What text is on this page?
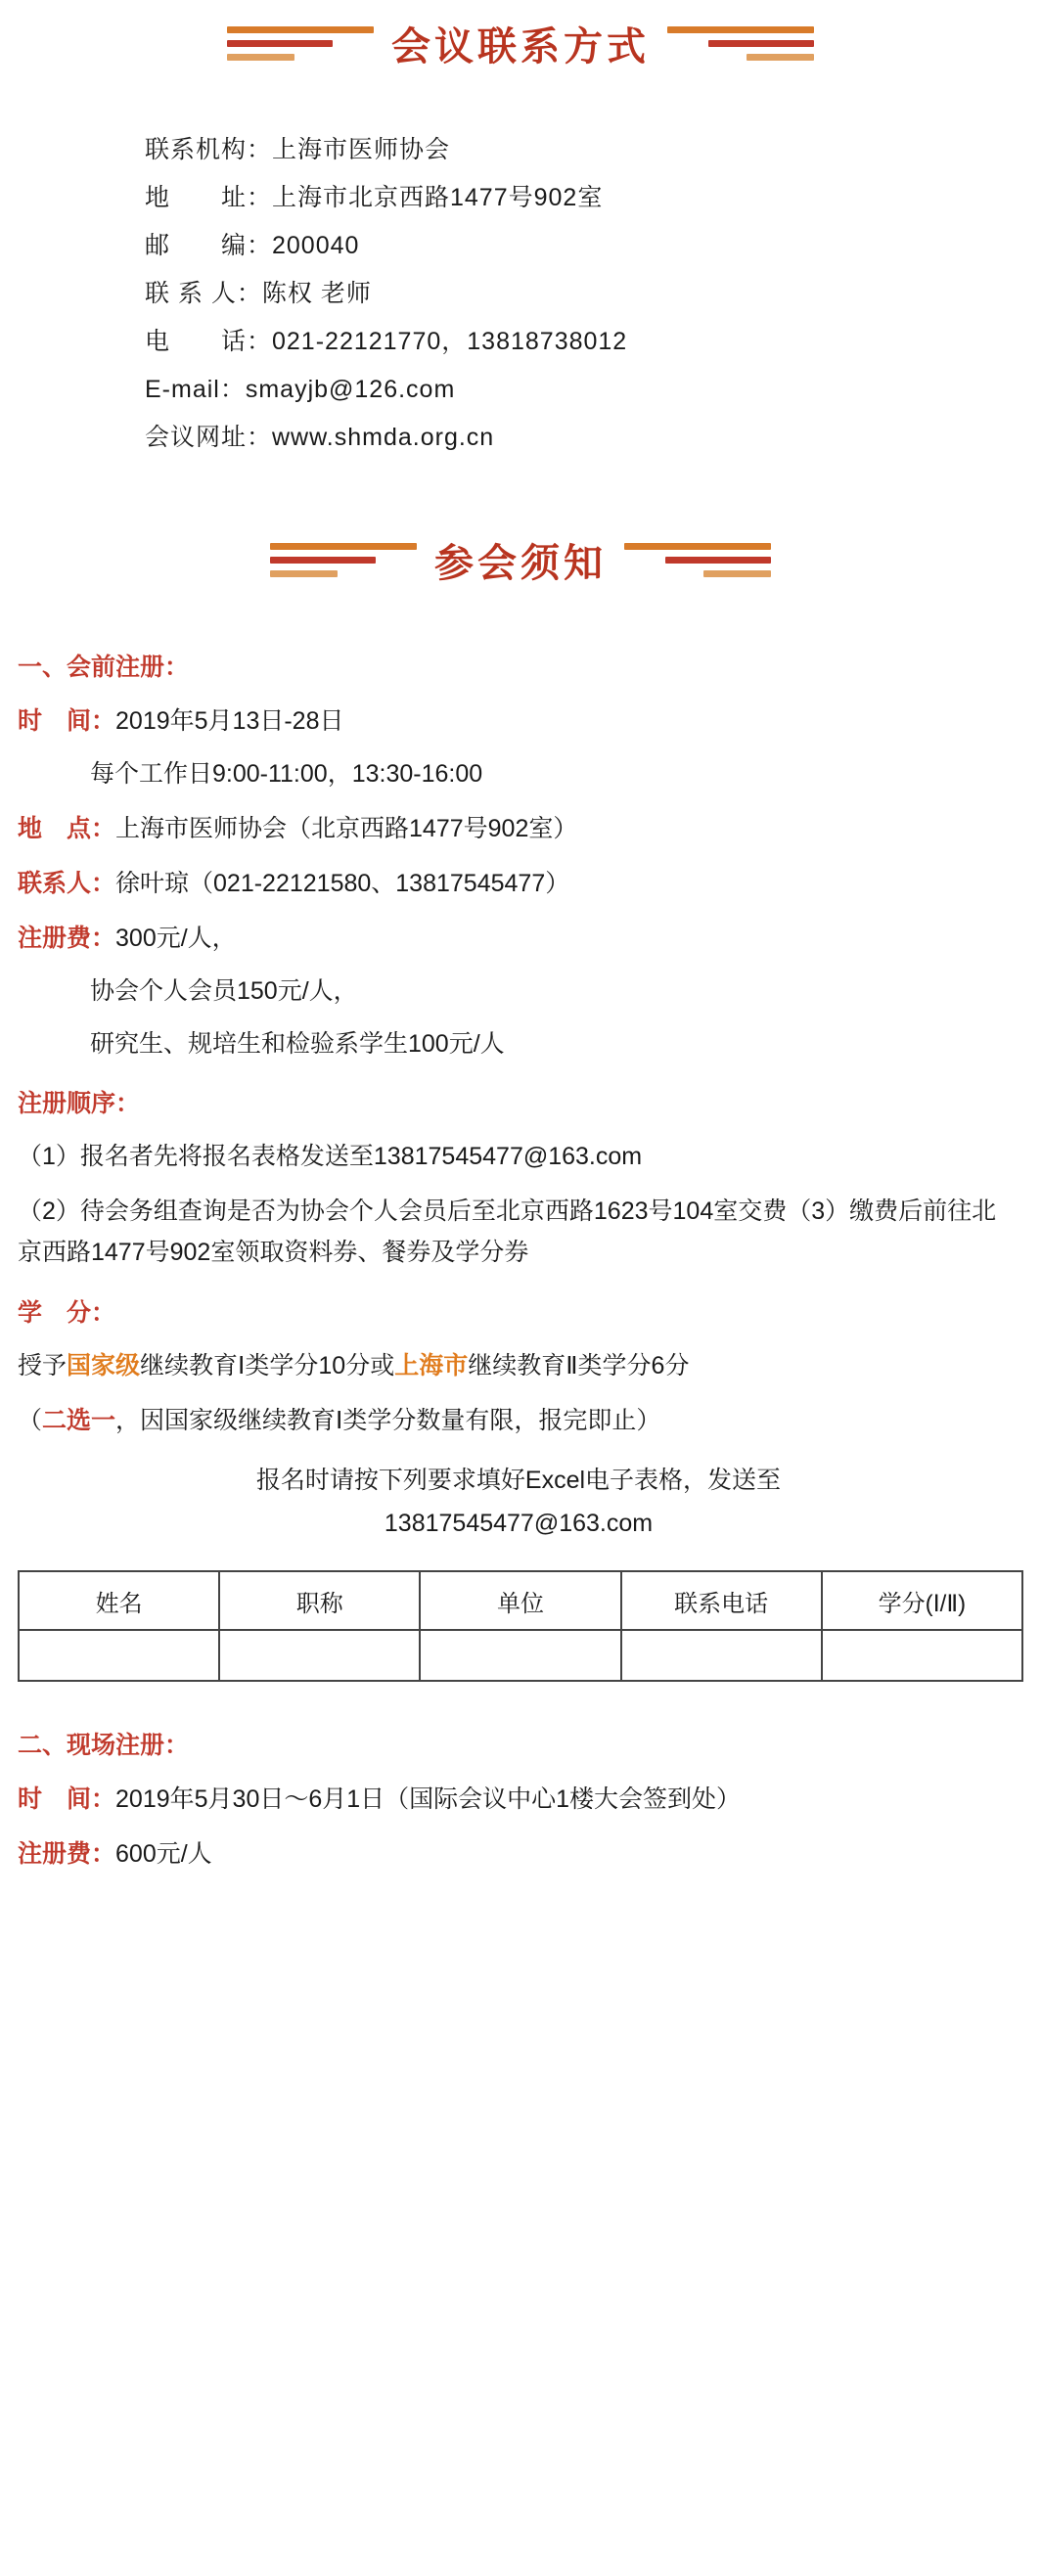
会议联系方式
联系机构：上海市医师协会
地　　址：上海市北京西路1477号902室
邮　　编：200040
联 系 人：陈权 老师
电　　话：021-22121770，13818738012
E-mail：smayjb@126.com
会议网址：www.shmda.org.cn
参会须知
一、会前注册：
时　间： 2019年5月13日-28日
每个工作日9:00-11:00，13:30-16:00
地　点： 上海市医师协会（北京西路1477号902室）
联系人： 徐叶琼（021-22121580、13817545477）
注册费： 300元/人，
协会个人会员150元/人，
研究生、规培生和检验系学生100元/人
注册顺序：
（1）报名者先将报名表格发送至13817545477@163.com
（2）待会务组查询是否为协会个人会员后至北京西路1623号104室交费（3）缴费后前往北京西路1477号902室领取资料券、餐券及学分券
学　分：
授予国家级继续教育Ⅰ类学分10分或上海市继续教育Ⅱ类学分6分
（二选一，因国家级继续教育Ⅰ类学分数量有限，报完即止）
报名时请按下列要求填好Excel电子表格，发送至
13817545477@163.com
姓名	职称	单位	联系电话	学分(Ⅰ/Ⅱ)

二、现场注册：
时　间： 2019年5月30日～6月1日（国际会议中心1楼大会签到处）
注册费： 600元/人
